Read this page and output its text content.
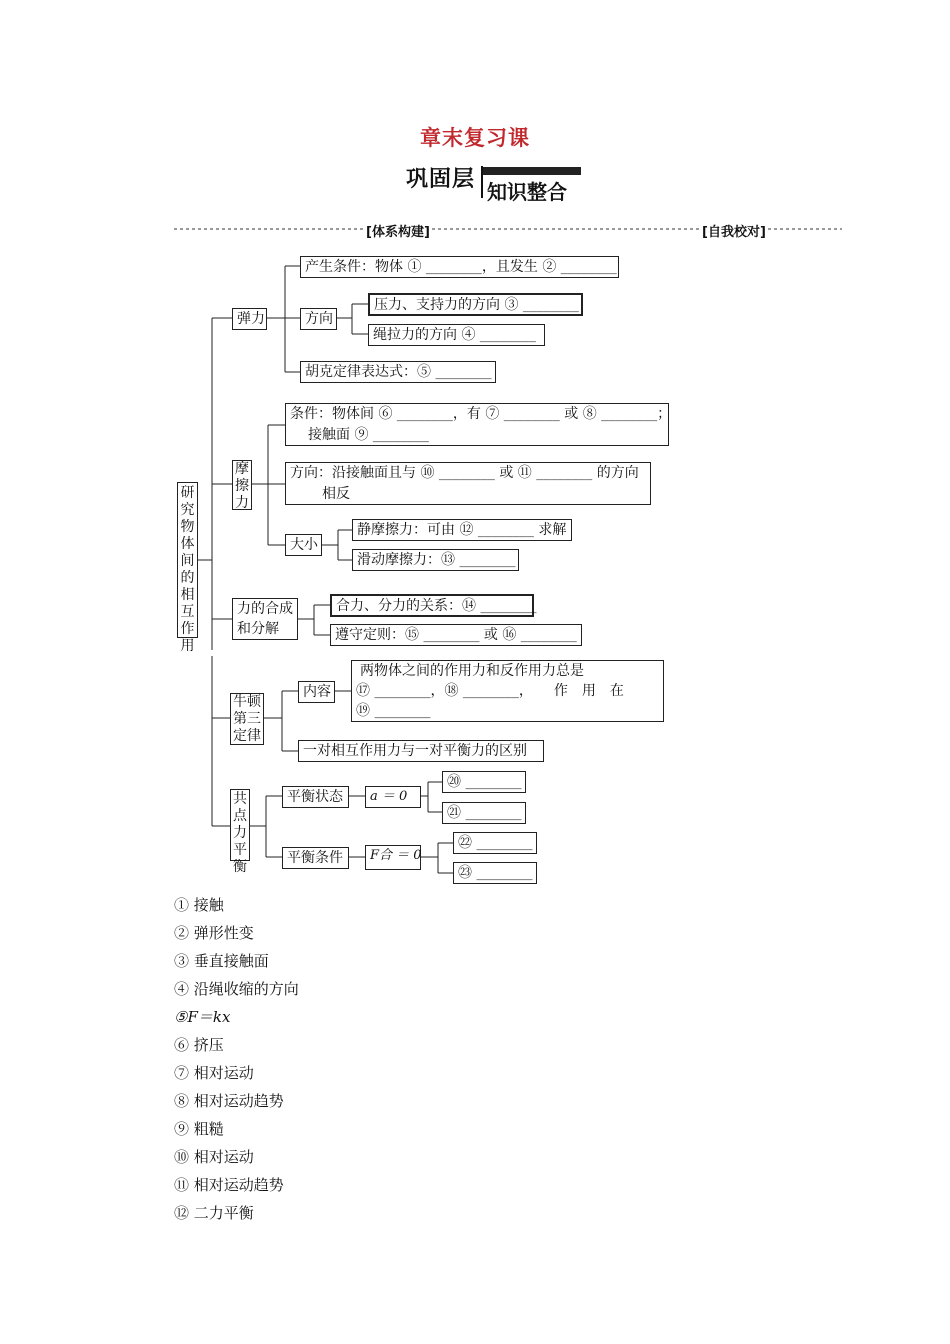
章末复习课
巩固层 知识整合
[体系构建]	[自我校对]
研究物体间的相互作用
弹力
产生条件：物体 ① ________，且发生 ② ________
方向
压力、支持力的方向 ③ ________
绳拉力的方向 ④ ________
胡克定律表达式：⑤ ________
摩擦力
条件：物体间 ⑥ ________，有 ⑦ ________ 或 ⑧ ________；
接触面 ⑨ ________
方向：沿接触面且与 ⑩ ________ 或 ⑪ ________ 的方向
相反
大小
静摩擦力：可由 ⑫ ________ 求解
滑动摩擦力：⑬ ________
力的合成和分解
合力、分力的关系：⑭ ________
遵守定则：⑮ ________ 或 ⑯ ________
牛顿第三定律
内容
两物体之间的作用力和反作用力总是
⑰ ________，⑱ ________，　　作　用　在
⑲ ________
一对相互作用力与一对平衡力的区别
共点力平衡
平衡状态	a ＝ 0
⑳ ________
㉑ ________
平衡条件	F合 ＝ 0
㉒ ________
㉓ ________
① 接触
② 弹形性变
③ 垂直接触面
④ 沿绳收缩的方向
⑤F＝kx
⑥ 挤压
⑦ 相对运动
⑧ 相对运动趋势
⑨ 粗糙
⑩ 相对运动
⑪ 相对运动趋势
⑫ 二力平衡
